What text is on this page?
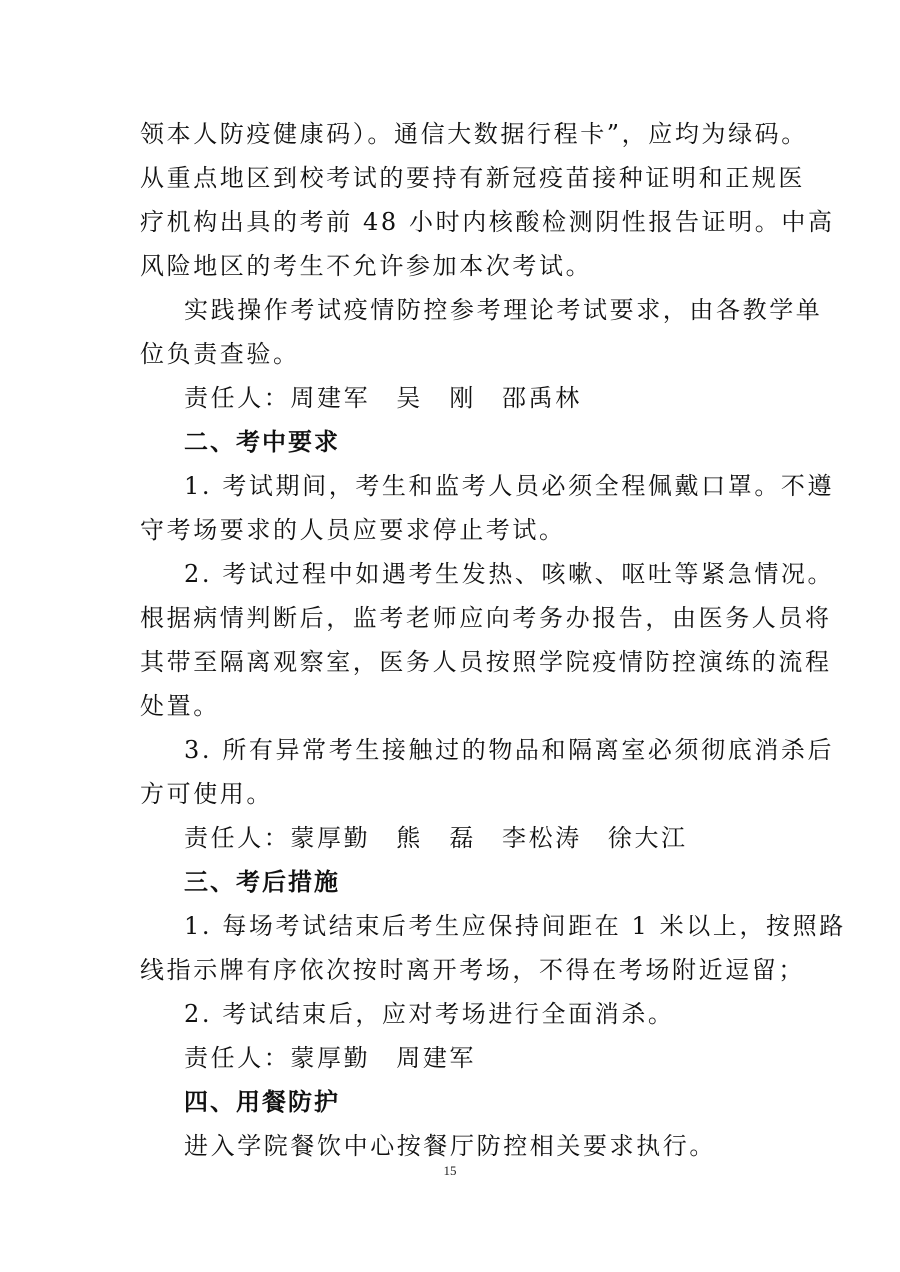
领本人防疫健康码）。通信大数据行程卡”，应均为绿码。
从重点地区到校考试的要持有新冠疫苗接种证明和正规医
疗机构出具的考前 48 小时内核酸检测阴性报告证明。中高
风险地区的考生不允许参加本次考试。
实践操作考试疫情防控参考理论考试要求，由各教学单
位负责查验。
责任人：周建军 吴　刚 邵禹林
二、考中要求
1. 考试期间，考生和监考人员必须全程佩戴口罩。不遵
守考场要求的人员应要求停止考试。
2. 考试过程中如遇考生发热、咳嗽、呕吐等紧急情况。
根据病情判断后，监考老师应向考务办报告，由医务人员将
其带至隔离观察室，医务人员按照学院疫情防控演练的流程
处置。
3. 所有异常考生接触过的物品和隔离室必须彻底消杀后
方可使用。
责任人：蒙厚勤 熊　磊 李松涛 徐大江
三、考后措施
1. 每场考试结束后考生应保持间距在 1 米以上，按照路
线指示牌有序依次按时离开考场，不得在考场附近逗留；
2. 考试结束后，应对考场进行全面消杀。
责任人：蒙厚勤 周建军
四、用餐防护
进入学院餐饮中心按餐厅防控相关要求执行。
15
